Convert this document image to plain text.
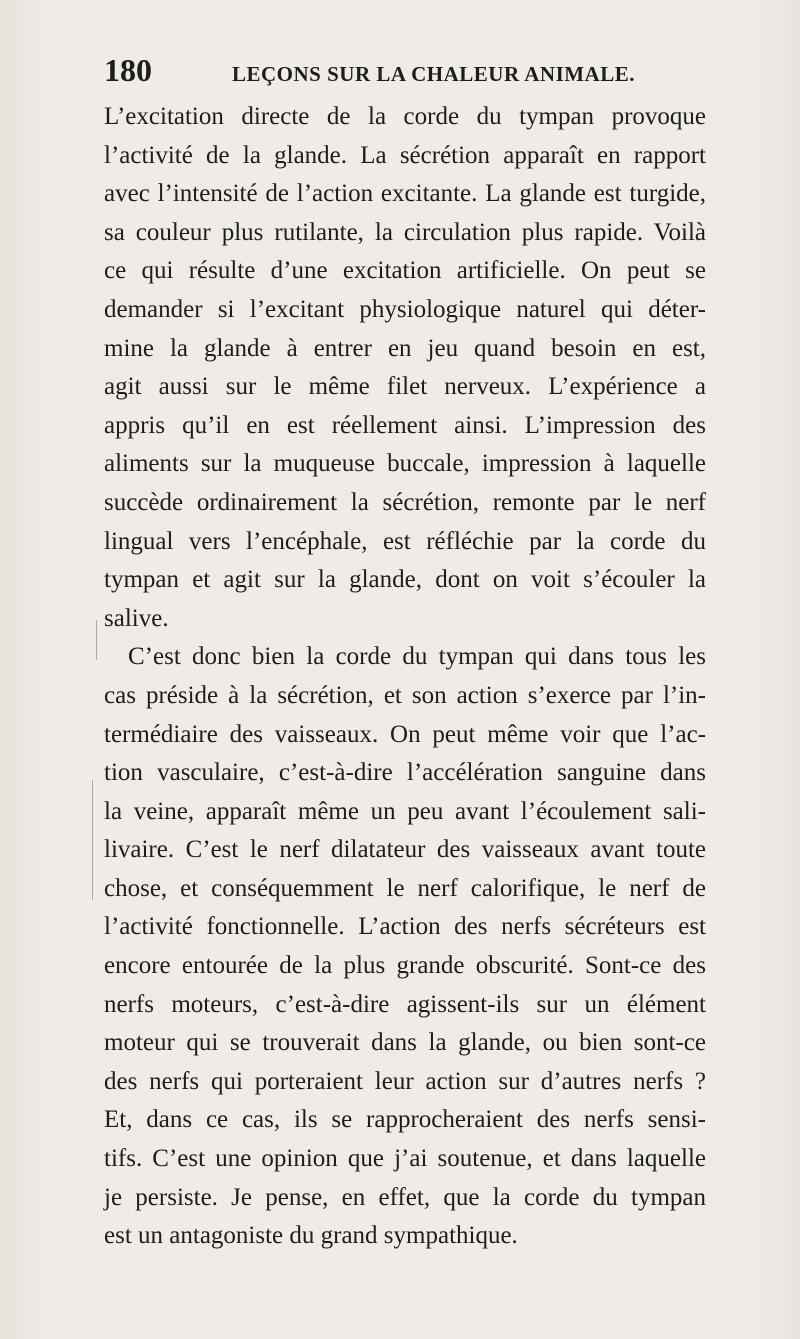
180	LEÇONS SUR LA CHALEUR ANIMALE.
L’excitation directe de la corde du tympan provoque
l’activité de la glande. La sécrétion apparaît en rapport
avec l’intensité de l’action excitante. La glande est turgide,
sa couleur plus rutilante, la circulation plus rapide. Voilà
ce qui résulte d’une excitation artificielle. On peut se
demander si l’excitant physiologique naturel qui déter-
mine la glande à entrer en jeu quand besoin en est,
agit aussi sur le même filet nerveux. L’expérience a
appris qu’il en est réellement ainsi. L’impression des
aliments sur la muqueuse buccale, impression à laquelle
succède ordinairement la sécrétion, remonte par le nerf
lingual vers l’encéphale, est réfléchie par la corde du
tympan et agit sur la glande, dont on voit s’écouler la
salive.
C’est donc bien la corde du tympan qui dans tous les
cas préside à la sécrétion, et son action s’exerce par l’in-
termédiaire des vaisseaux. On peut même voir que l’ac-
tion vasculaire, c’est-à-dire l’accélération sanguine dans
la veine, apparaît même un peu avant l’écoulement sali-
livaire. C’est le nerf dilatateur des vaisseaux avant toute
chose, et conséquemment le nerf calorifique, le nerf de
l’activité fonctionnelle. L’action des nerfs sécréteurs est
encore entourée de la plus grande obscurité. Sont-ce des
nerfs moteurs, c’est-à-dire agissent-ils sur un élément
moteur qui se trouverait dans la glande, ou bien sont-ce
des nerfs qui porteraient leur action sur d’autres nerfs ?
Et, dans ce cas, ils se rapprocheraient des nerfs sensi-
tifs. C’est une opinion que j’ai soutenue, et dans laquelle
je persiste. Je pense, en effet, que la corde du tympan
est un antagoniste du grand sympathique.
